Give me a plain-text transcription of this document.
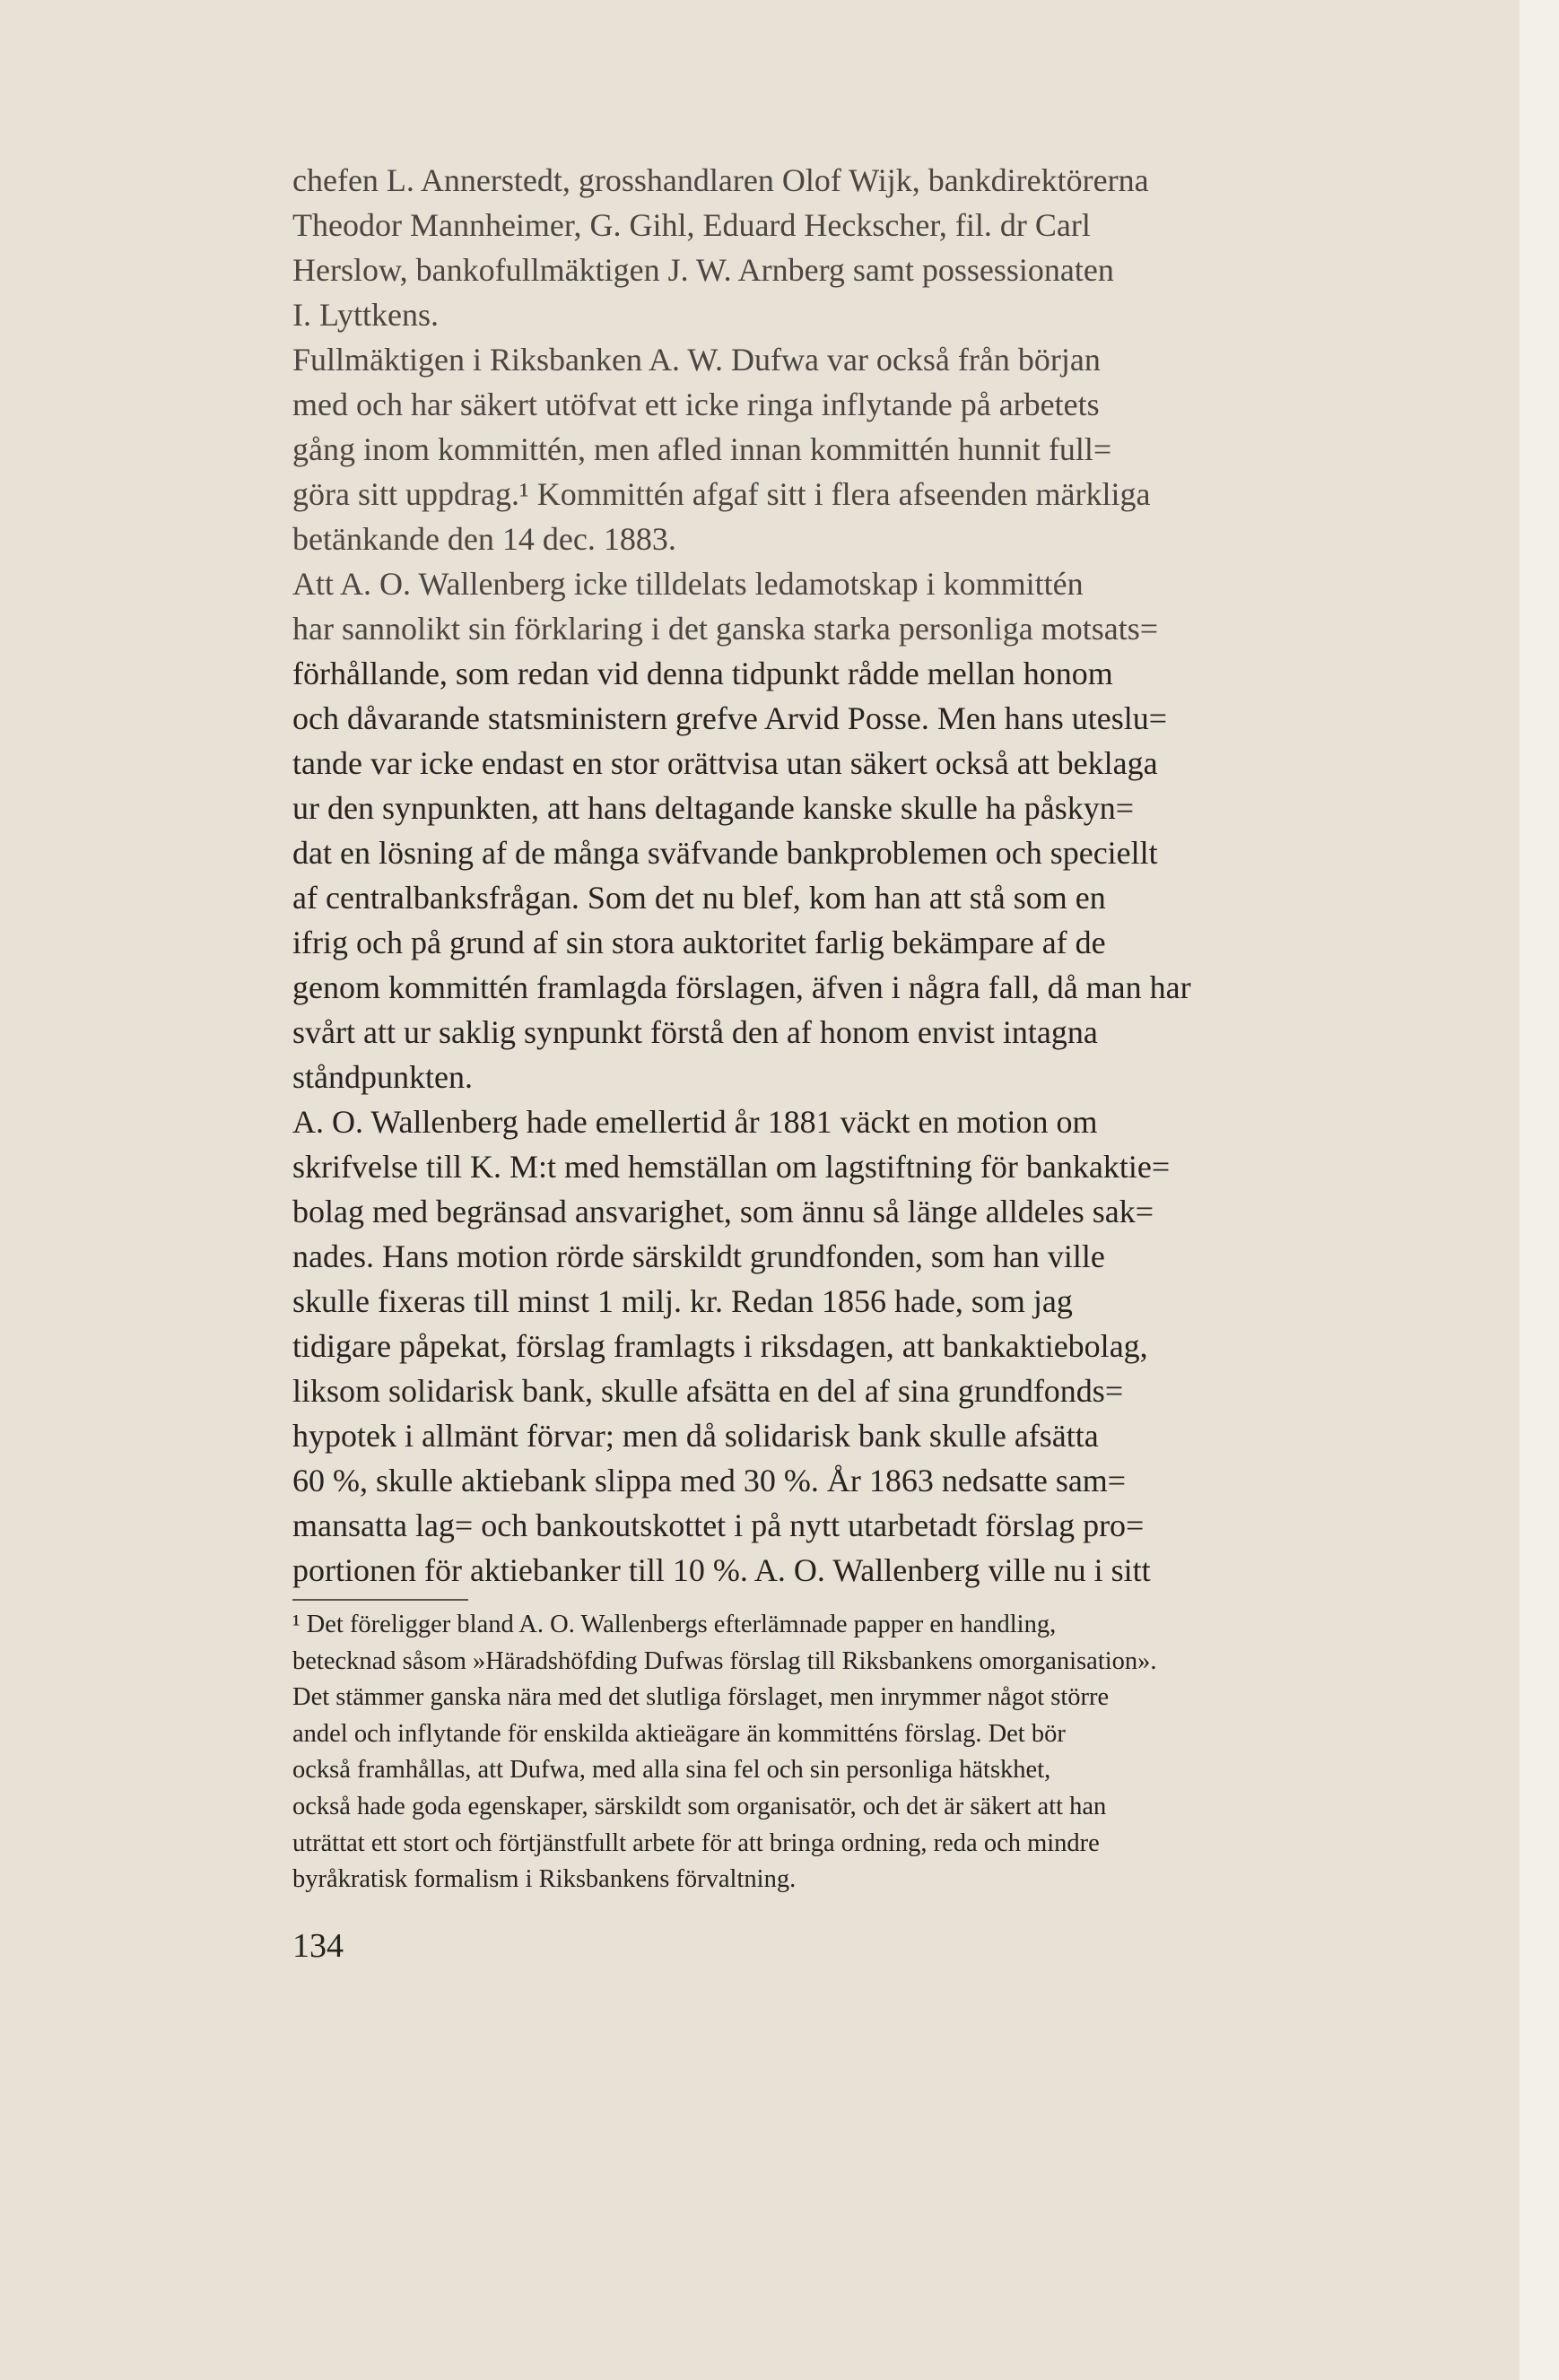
chefen L. Annerstedt, grosshandlaren Olof Wijk, bankdirektörerna
Theodor Mannheimer, G. Gihl, Eduard Heckscher, fil. dr Carl
Herslow, bankofullmäktigen J. W. Arnberg samt possessionaten
I. Lyttkens.
Fullmäktigen i Riksbanken A. W. Dufwa var också från början
med och har säkert utöfvat ett icke ringa inflytande på arbetets
gång inom kommittén, men afled innan kommittén hunnit full=
göra sitt uppdrag.¹ Kommittén afgaf sitt i flera afseenden märkliga
betänkande den 14 dec. 1883.
Att A. O. Wallenberg icke tilldelats ledamotskap i kommittén
har sannolikt sin förklaring i det ganska starka personliga motsats=
förhållande, som redan vid denna tidpunkt rådde mellan honom
och dåvarande statsministern grefve Arvid Posse. Men hans uteslu=
tande var icke endast en stor orättvisa utan säkert också att beklaga
ur den synpunkten, att hans deltagande kanske skulle ha påskyn=
dat en lösning af de många sväfvande bankproblemen och speciellt
af centralbanksfrågan. Som det nu blef, kom han att stå som en
ifrig och på grund af sin stora auktoritet farlig bekämpare af de
genom kommittén framlagda förslagen, äfven i några fall, då man har
svårt att ur saklig synpunkt förstå den af honom envist intagna
ståndpunkten.
A. O. Wallenberg hade emellertid år 1881 väckt en motion om
skrifvelse till K. M:t med hemställan om lagstiftning för bankaktie=
bolag med begränsad ansvarighet, som ännu så länge alldeles sak=
nades. Hans motion rörde särskildt grundfonden, som han ville
skulle fixeras till minst 1 milj. kr. Redan 1856 hade, som jag
tidigare påpekat, förslag framlagts i riksdagen, att bankaktiebolag,
liksom solidarisk bank, skulle afsätta en del af sina grundfonds=
hypotek i allmänt förvar; men då solidarisk bank skulle afsätta
60 %, skulle aktiebank slippa med 30 %. År 1863 nedsatte sam=
mansatta lag= och bankoutskottet i på nytt utarbetadt förslag pro=
portionen för aktiebanker till 10 %. A. O. Wallenberg ville nu i sitt
¹ Det föreligger bland A. O. Wallenbergs efterlämnade papper en handling,
betecknad såsom »Häradshöfding Dufwas förslag till Riksbankens omorganisation».
Det stämmer ganska nära med det slutliga förslaget, men inrymmer något större
andel och inflytande för enskilda aktieägare än kommitténs förslag. Det bör
också framhållas, att Dufwa, med alla sina fel och sin personliga hätskhet,
också hade goda egenskaper, särskildt som organisatör, och det är säkert att han
uträttat ett stort och förtjänstfullt arbete för att bringa ordning, reda och mindre
byråkratisk formalism i Riksbankens förvaltning.
134
